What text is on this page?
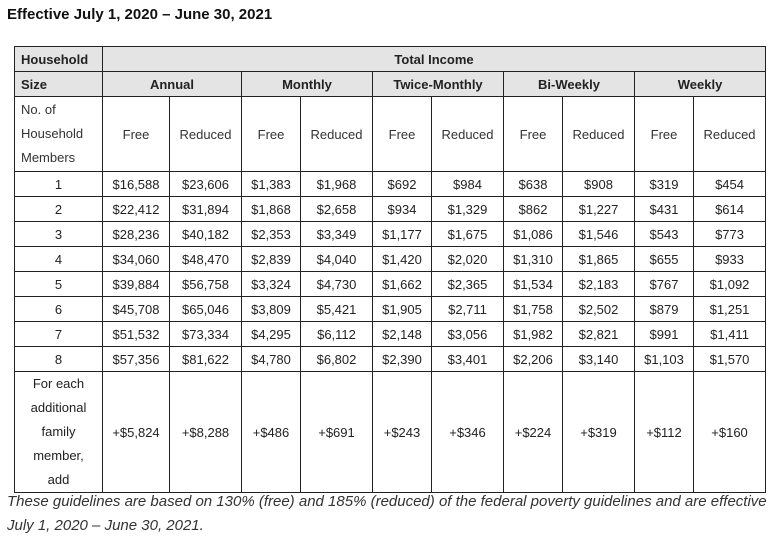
Effective July 1, 2020 – June 30, 2021
Household	Total Income									
Size	Annual		Monthly		Twice-Monthly		Bi-Weekly		Weekly	

No. of
Household
Members	Free	Reduced	Free	Reduced	Free	Reduced	Free	Reduced	Free	Reduced
1	$16,588	$23,606	$1,383	$1,968	$692	$984	$638	$908	$319	$454
2	$22,412	$31,894	$1,868	$2,658	$934	$1,329	$862	$1,227	$431	$614
3	$28,236	$40,182	$2,353	$3,349	$1,177	$1,675	$1,086	$1,546	$543	$773
4	$34,060	$48,470	$2,839	$4,040	$1,420	$2,020	$1,310	$1,865	$655	$933
5	$39,884	$56,758	$3,324	$4,730	$1,662	$2,365	$1,534	$2,183	$767	$1,092
6	$45,708	$65,046	$3,809	$5,421	$1,905	$2,711	$1,758	$2,502	$879	$1,251
7	$51,532	$73,334	$4,295	$6,112	$2,148	$3,056	$1,982	$2,821	$991	$1,411
8	$57,356	$81,622	$4,780	$6,802	$2,390	$3,401	$2,206	$3,140	$1,103	$1,570

For each
additional
family
member,
add	+$5,824	+$8,288	+$486	+$691	+$243	+$346	+$224	+$319	+$112	+$160
These guidelines are based on 130% (free) and 185% (reduced) of the federal poverty guidelines and are effective July 1, 2020 – June 30, 2021.
